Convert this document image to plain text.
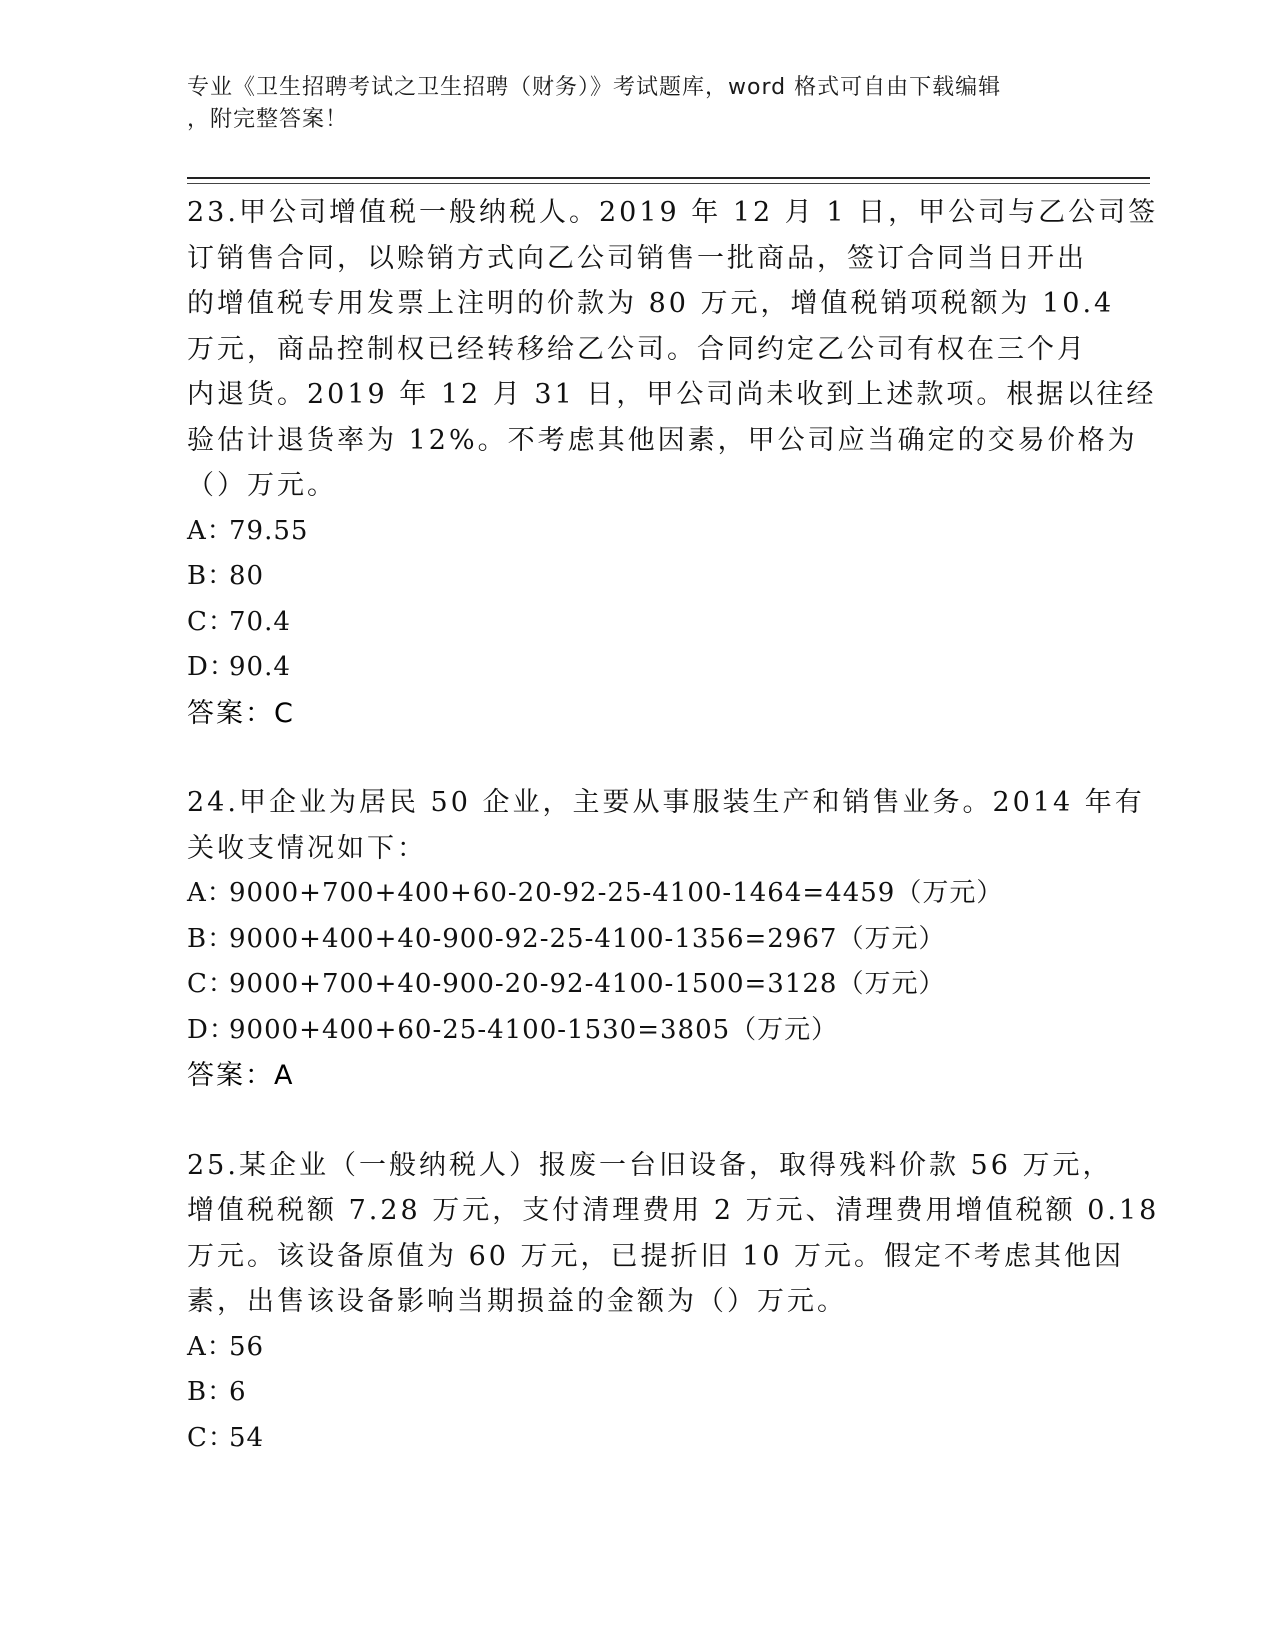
专业《卫生招聘考试之卫生招聘（财务）》考试题库，word 格式可自由下载编辑
，附完整答案！
23.甲公司增值税一般纳税人。2019 年 12 月 1 日，甲公司与乙公司签
订销售合同，以赊销方式向乙公司销售一批商品，签订合同当日开出
的增值税专用发票上注明的价款为 80 万元，增值税销项税额为 10.4
万元，商品控制权已经转移给乙公司。合同约定乙公司有权在三个月
内退货。2019 年 12 月 31 日，甲公司尚未收到上述款项。根据以往经
验估计退货率为 12%。不考虑其他因素，甲公司应当确定的交易价格为
（）万元。
A：79.55
B：80
C：70.4
D：90.4
答案：C
24.甲企业为居民 50 企业，主要从事服装生产和销售业务。2014 年有
关收支情况如下：
A：9000+700+400+60-20-92-25-4100-1464=4459（万元）
B：9000+400+40-900-92-25-4100-1356=2967（万元）
C：9000+700+40-900-20-92-4100-1500=3128（万元）
D：9000+400+60-25-4100-1530=3805（万元）
答案：A
25.某企业（一般纳税人）报废一台旧设备，取得残料价款 56 万元，
增值税税额 7.28 万元，支付清理费用 2 万元、清理费用增值税额 0.18
万元。该设备原值为 60 万元，已提折旧 10 万元。假定不考虑其他因
素，出售该设备影响当期损益的金额为（）万元。
A：56
B：6
C：54
